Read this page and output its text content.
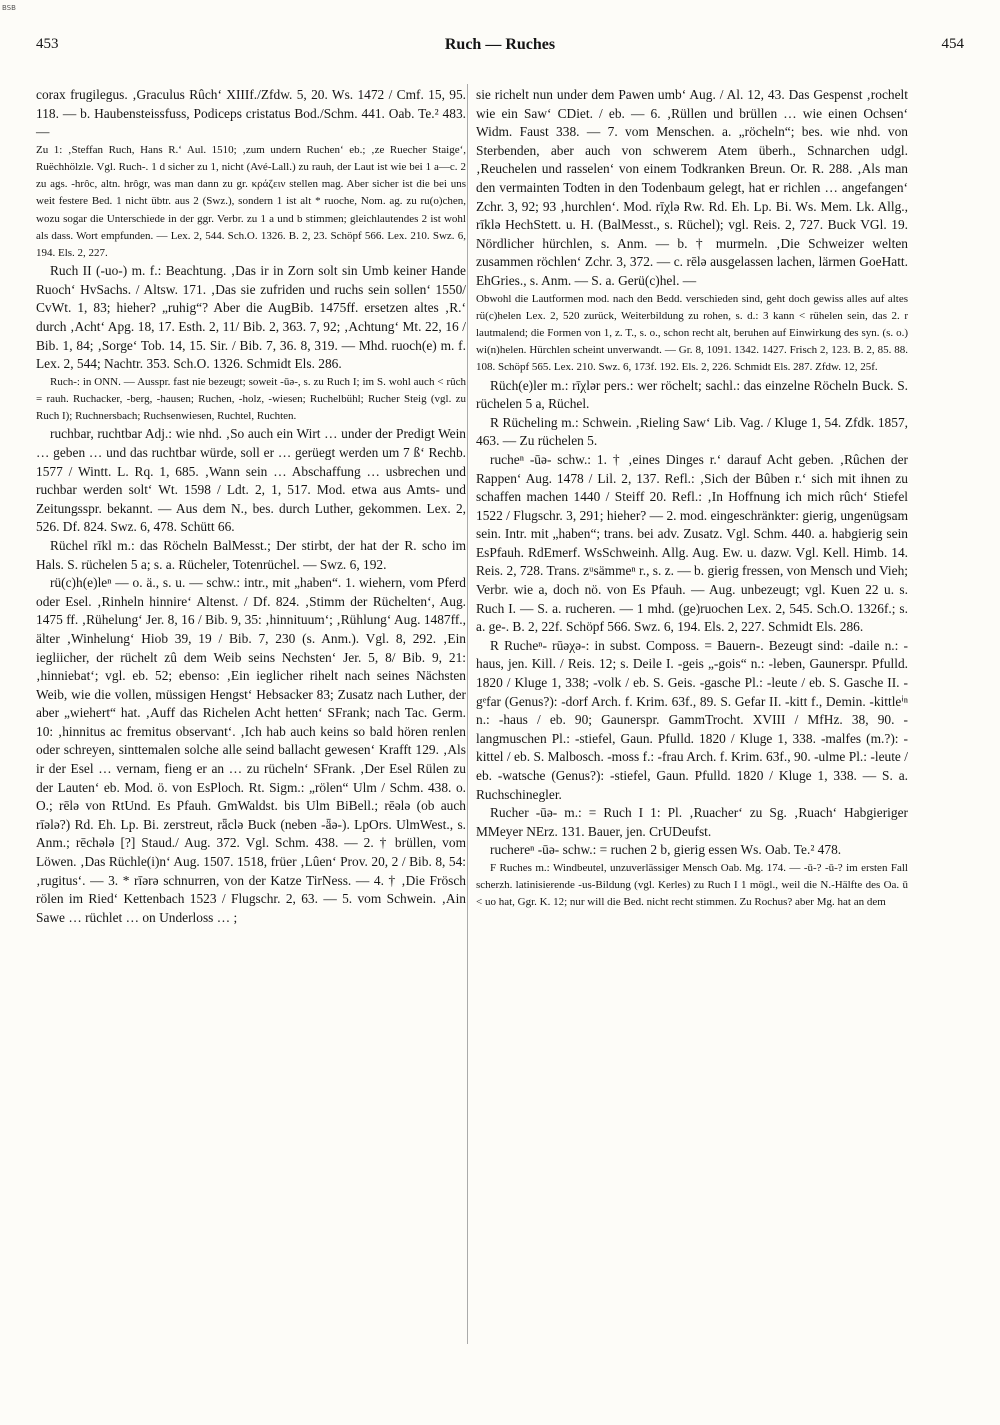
BSB
453	Ruch — Ruches	454

corax frugilegus. ‚Graculus Rûch‘ XIIIf./Zfdw. 5, 20. Ws. 1472 / Cmf. 15, 95. 118. — b. Haubensteissfuss, Podiceps cristatus Bod./Schm. 441. Oab. Te.² 483. —

Zu 1: ‚Steffan Ruch, Hans R.‘ Aul. 1510; ‚zum undern Ruchen‘ eb.; ‚ze Ruecher Staige‘, Ruëchhölzle. Vgl. Ruch-. 1 d sicher zu 1, nicht (Avé-Lall.) zu rauh, der Laut ist wie bei 1 a—c. 2 zu ags. -hrôc, altn. hrôgr, was man dann zu gr. κράζειν stellen mag. Aber sicher ist die bei uns weit festere Bed. 1 nicht übtr. aus 2 (Swz.), sondern 1 ist alt * ruoche, Nom. ag. zu ru(o)chen, wozu sogar die Unterschiede in der ggr. Verbr. zu 1 a und b stimmen; gleichlautendes 2 ist wohl als dass. Wort empfunden. — Lex. 2, 544. Sch.O. 1326. B. 2, 23. Schöpf 566. Lex. 210. Swz. 6, 194. Els. 2, 227.

Ruch II (-uo-) m. f.: Beachtung. ‚Das ir in Zorn solt sin Umb keiner Hande Ruoch‘ HvSachs. / Altsw. 171. ‚Das sie zufriden und ruchs sein sollen‘ 1550/ CvWt. 1, 83; hieher? „ruhig“? Aber die AugBib. 1475ff. ersetzen altes ‚R.‘ durch ‚Acht‘ Apg. 18, 17. Esth. 2, 11/ Bib. 2, 363. 7, 92; ‚Achtung‘ Mt. 22, 16 / Bib. 1, 84; ‚Sorge‘ Tob. 14, 15. Sir. / Bib. 7, 36. 8, 319. — Mhd. ruoch(e) m. f. Lex. 2, 544; Nachtr. 353. Sch.O. 1326. Schmidt Els. 286.

Ruch-: in ONN. — Ausspr. fast nie bezeugt; soweit -ūə-, s. zu Ruch I; im S. wohl auch < rûch = rauh. Ruchacker, -berg, -hausen; Ruchen, -holz, -wiesen; Ruchelbühl; Rucher Steig (vgl. zu Ruch I); Ruchnersbach; Ruchsenwiesen, Ruchtel, Ruchten.

ruchbar, ruchtbar Adj.: wie nhd. ‚So auch ein Wirt … under der Predigt Wein … geben … und das ruchtbar würde, soll er … gerüegt werden um 7 ß‘ Rechb. 1577 / Wintt. L. Rq. 1, 685. ‚Wann sein … Abschaffung … usbrechen und ruchbar werden solt‘ Wt. 1598 / Ldt. 2, 1, 517. Mod. etwa aus Amts- und Zeitungsspr. bekannt. — Aus dem N., bes. durch Luther, gekommen. Lex. 2, 526. Df. 824. Swz. 6, 478. Schütt 66.

Rüchel rīkl m.: das Röcheln BalMesst.; Der stirbt, der hat der R. scho im Hals. S. rüchelen 5 a; s. a. Rücheler, Totenrüchel. — Swz. 6, 192.

rü(c)h(e)leⁿ — o. ä., s. u. — schw.: intr., mit „haben“. 1. wiehern, vom Pferd oder Esel. ‚Rinheln hinnire‘ Altenst. / Df. 824. ‚Stimm der Rüchelten‘, Aug. 1475 ff. ‚Rühelung‘ Jer. 8, 16 / Bib. 9, 35: ‚hinnituum‘; ‚Rühlung‘ Aug. 1487ff., älter ‚Winhelung‘ Hiob 39, 19 / Bib. 7, 230 (s. Anm.). Vgl. 8, 292. ‚Ein iegliicher, der rüchelt zû dem Weib seins Nechsten‘ Jer. 5, 8/ Bib. 9, 21: ‚hinniebat‘; vgl. eb. 52; ebenso: ‚Ein ieglicher rihelt nach seines Nächsten Weib, wie die vollen, müssigen Hengst‘ Hebsacker 83; Zusatz nach Luther, der aber „wiehert“ hat. ‚Auff das Richelen Acht hetten‘ SFrank; nach Tac. Germ. 10: ‚hinnitus ac fremitus observant‘. ‚Ich hab auch keins so bald hören renlen oder schreyen, sinttemalen solche alle seind ballacht gewesen‘ Krafft 129. ‚Als ir der Esel … vernam, fieng er an … zu rücheln‘ SFrank. ‚Der Esel Rülen zu der Lauten‘ eb. Mod. ö. von EsPloch. Rt. Sigm.: „rölen“ Ulm / Schm. 438. o. O.; rēlə von RtUnd. Es Pfauh. GmWaldst. bis Ulm BiBell.; rēələ (ob auch rīələ?) Rd. Eh. Lp. Bi. zerstreut, rǟclə Buck (neben -ǟə-). LpOrs. UlmWest., s. Anm.; rēchələ [?] Staud./ Aug. 372. Vgl. Schm. 438. — 2. † brüllen, vom Löwen. ‚Das Rüchle(i)n‘ Aug. 1507. 1518, früer ‚Lûen‘ Prov. 20, 2 / Bib. 8, 54: ‚rugitus‘. — 3. * rīərə schnurren, von der Katze TirNess. — 4. † ‚Die Frösch rölen im Ried‘ Kettenbach 1523 / Flugschr. 2, 63. — 5. vom Schwein. ‚Ain Sawe … rüchlet … on Underloss … ;

sie richelt nun under dem Pawen umb‘ Aug. / Al. 12, 43. Das Gespenst ‚rochelt wie ein Saw‘ CDiet. / eb. — 6. ‚Rüllen und brüllen … wie einen Ochsen‘ Widm. Faust 338. — 7. vom Menschen. a. „röcheln“; bes. wie nhd. von Sterbenden, aber auch von schwerem Atem überh., Schnarchen udgl. ‚Reuchelen und rasselen‘ von einem Todkranken Breun. Or. R. 288. ‚Als man den vermainten Todten in den Todenbaum gelegt, hat er richlen … angefangen‘ Zchr. 3, 92; 93 ‚hurchlen‘. Mod. rīχlə Rw. Rd. Eh. Lp. Bi. Ws. Mem. Lk. Allg., rīklə HechStett. u. H. (BalMesst., s. Rüchel); vgl. Reis. 2, 727. Buck VGl. 19. Nördlicher hürchlen, s. Anm. — b. † murmeln. ‚Die Schweizer welten zusammen röchlen‘ Zchr. 3, 372. — c. rēlə ausgelassen lachen, lärmen GoeHatt. EhGries., s. Anm. — S. a. Gerü(c)hel. —

Obwohl die Lautformen mod. nach den Bedd. verschieden sind, geht doch gewiss alles auf altes rü(c)helen Lex. 2, 520 zurück, Weiterbildung zu rohen, s. d.: 3 kann < rühelen sein, das 2. r lautmalend; die Formen von 1, z. T., s. o., schon recht alt, beruhen auf Einwirkung des syn. (s. o.) wi(n)helen. Hürchlen scheint unverwandt. — Gr. 8, 1091. 1342. 1427. Frisch 2, 123. B. 2, 85. 88. 108. Schöpf 565. Lex. 210. Swz. 6, 173f. 192. Els. 2, 226. Schmidt Els. 287. Zfdw. 12, 25f.

Rüch(e)ler m.: rīχlər pers.: wer röchelt; sachl.: das einzelne Röcheln Buck. S. rüchelen 5 a, Rüchel.

R Rücheling m.: Schwein. ‚Rieling Saw‘ Lib. Vag. / Kluge 1, 54. Zfdk. 1857, 463. — Zu rüchelen 5.

rucheⁿ -ūə- schw.: 1. † ‚eines Dinges r.‘ darauf Acht geben. ‚Rûchen der Rappen‘ Aug. 1478 / Lil. 2, 137. Refl.: ‚Sich der Bûben r.‘ sich mit ihnen zu schaffen machen 1440 / Steiff 20. Refl.: ‚In Hoffnung ich mich rûch‘ Stiefel 1522 / Flugschr. 3, 291; hieher? — 2. mod. eingeschränkter: gierig, ungenügsam sein. Intr. mit „haben“; trans. bei adv. Zusatz. Vgl. Schm. 440. a. habgierig sein EsPfauh. RdEmerf. WsSchweinh. Allg. Aug. Ew. u. dazw. Vgl. Kell. Himb. 14. Reis. 2, 728. Trans. zᵘsämmeⁿ r., s. z. — b. gierig fressen, von Mensch und Vieh; Verbr. wie a, doch nö. von Es Pfauh. — Aug. unbezeugt; vgl. Kuen 22 u. s. Ruch I. — S. a. rucheren. — 1 mhd. (ge)ruochen Lex. 2, 545. Sch.O. 1326f.; s. a. ge-. B. 2, 22f. Schöpf 566. Swz. 6, 194. Els. 2, 227. Schmidt Els. 286.

R Rucheⁿ- rūəχə-: in subst. Composs. = Bauern-. Bezeugt sind: -daile n.: -haus, jen. Kill. / Reis. 12; s. Deile I. -geis „-gois“ n.: -leben, Gaunerspr. Pfulld. 1820 / Kluge 1, 338; -volk / eb. S. Geis. -gasche Pl.: -leute / eb. S. Gasche II. -gᵉfar (Genus?): -dorf Arch. f. Krim. 63f., 89. S. Gefar II. -kitt f., Demin. -kittleⁱⁿ n.: -haus / eb. 90; Gaunerspr. GammTrocht. XVIII / MfHz. 38, 90. -langmuschen Pl.: -stiefel, Gaun. Pfulld. 1820 / Kluge 1, 338. -malfes (m.?): -kittel / eb. S. Malbosch. -moss f.: -frau Arch. f. Krim. 63f., 90. -ulme Pl.: -leute / eb. -watsche (Genus?): -stiefel, Gaun. Pfulld. 1820 / Kluge 1, 338. — S. a. Ruchschinegler.

Rucher -ūə- m.: = Ruch I 1: Pl. ‚Ruacher‘ zu Sg. ‚Ruach‘ Habgieriger MMeyer NErz. 131. Bauer, jen. CrUDeufst.

ruchereⁿ -ūə- schw.: = ruchen 2 b, gierig essen Ws. Oab. Te.² 478.

F Ruches m.: Windbeutel, unzuverlässiger Mensch Oab. Mg. 174. — -ū-? -ū-? im ersten Fall scherzh. latinisierende -us-Bildung (vgl. Kerles) zu Ruch I 1 mögl., weil die N.-Hälfte des Oa. ū < uo hat, Ggr. K. 12; nur will die Bed. nicht recht stimmen. Zu Rochus? aber Mg. hat an dem
